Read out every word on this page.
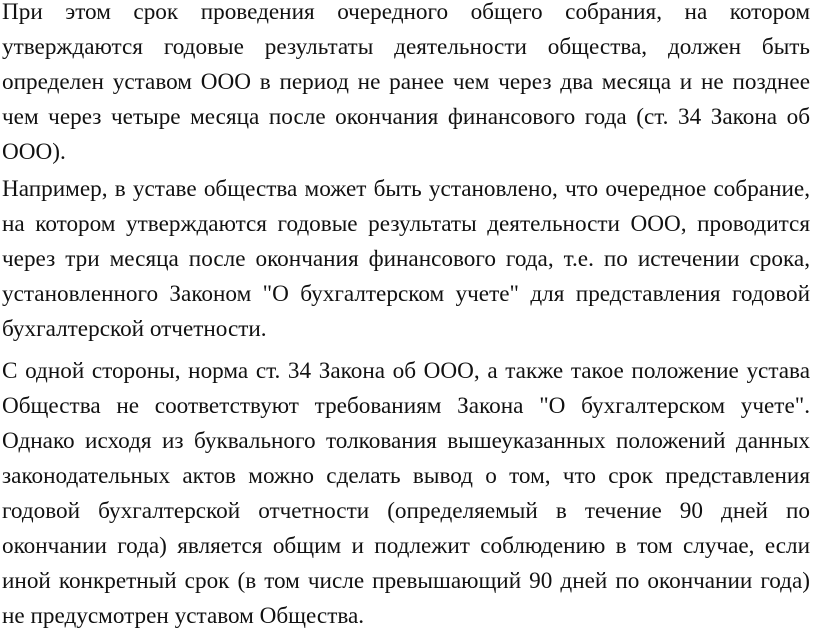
При этом срок проведения очередного общего собрания, на котором утверждаются годовые результаты деятельности общества, должен быть определен уставом ООО в период не ранее чем через два месяца и не позднее чем через четыре месяца после окончания финансового года (ст. 34 Закона об ООО).

Например, в уставе общества может быть установлено, что очередное собрание, на котором утверждаются годовые результаты деятельности ООО, проводится через три месяца после окончания финансового года, т.е. по истечении срока, установленного Законом "О бухгалтерском учете" для представления годовой бухгалтерской отчетности.

С одной стороны, норма ст. 34 Закона об ООО, а также такое положение устава Общества не соответствуют требованиям Закона "О бухгалтерском учете". Однако исходя из буквального толкования вышеуказанных положений данных законодательных актов можно сделать вывод о том, что срок представления годовой бухгалтерской отчетности (определяемый в течение 90 дней по окончании года) является общим и подлежит соблюдению в том случае, если иной конкретный срок (в том числе превышающий 90 дней по окончании года) не предусмотрен уставом Общества.
